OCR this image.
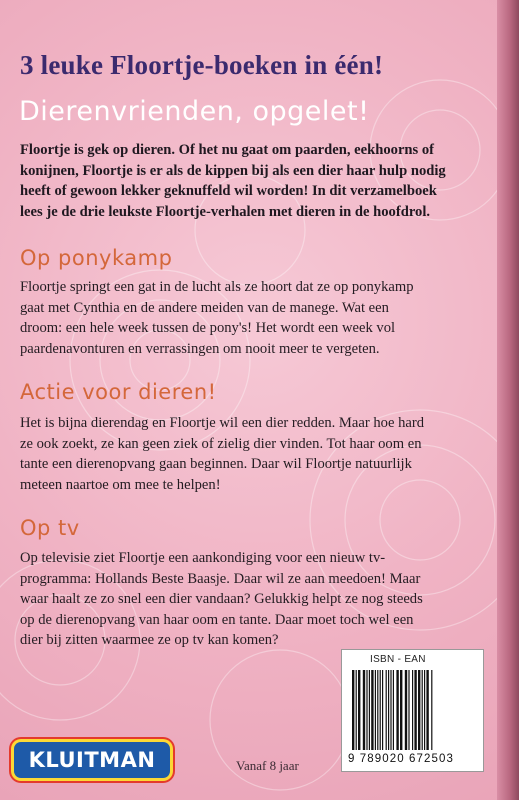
3 leuke Floortje-boeken in één!
Dierenvrienden, opgelet!
Floortje is gek op dieren. Of het nu gaat om paarden, eekhoorns of
konijnen, Floortje is er als de kippen bij als een dier haar hulp nodig
heeft of gewoon lekker geknuffeld wil worden! In dit verzamelboek
lees je de drie leukste Floortje-verhalen met dieren in de hoofdrol.
Op ponykamp
Floortje springt een gat in de lucht als ze hoort dat ze op ponykamp
gaat met Cynthia en de andere meiden van de manege. Wat een
droom: een hele week tussen de pony's! Het wordt een week vol
paardenavonturen en verrassingen om nooit meer te vergeten.
Actie voor dieren!
Het is bijna dierendag en Floortje wil een dier redden. Maar hoe hard
ze ook zoekt, ze kan geen ziek of zielig dier vinden. Tot haar oom en
tante een dierenopvang gaan beginnen. Daar wil Floortje natuurlijk
meteen naartoe om mee te helpen!
Op tv
Op televisie ziet Floortje een aankondiging voor een nieuw tv-
programma: Hollands Beste Baasje. Daar wil ze aan meedoen! Maar
waar haalt ze zo snel een dier vandaan? Gelukkig helpt ze nog steeds
op de dierenopvang van haar oom en tante. Daar moet toch wel een
dier bij zitten waarmee ze op tv kan komen?
ISBN - EAN
9 789020 672503
KLUITMAN	Vanaf 8 jaar
